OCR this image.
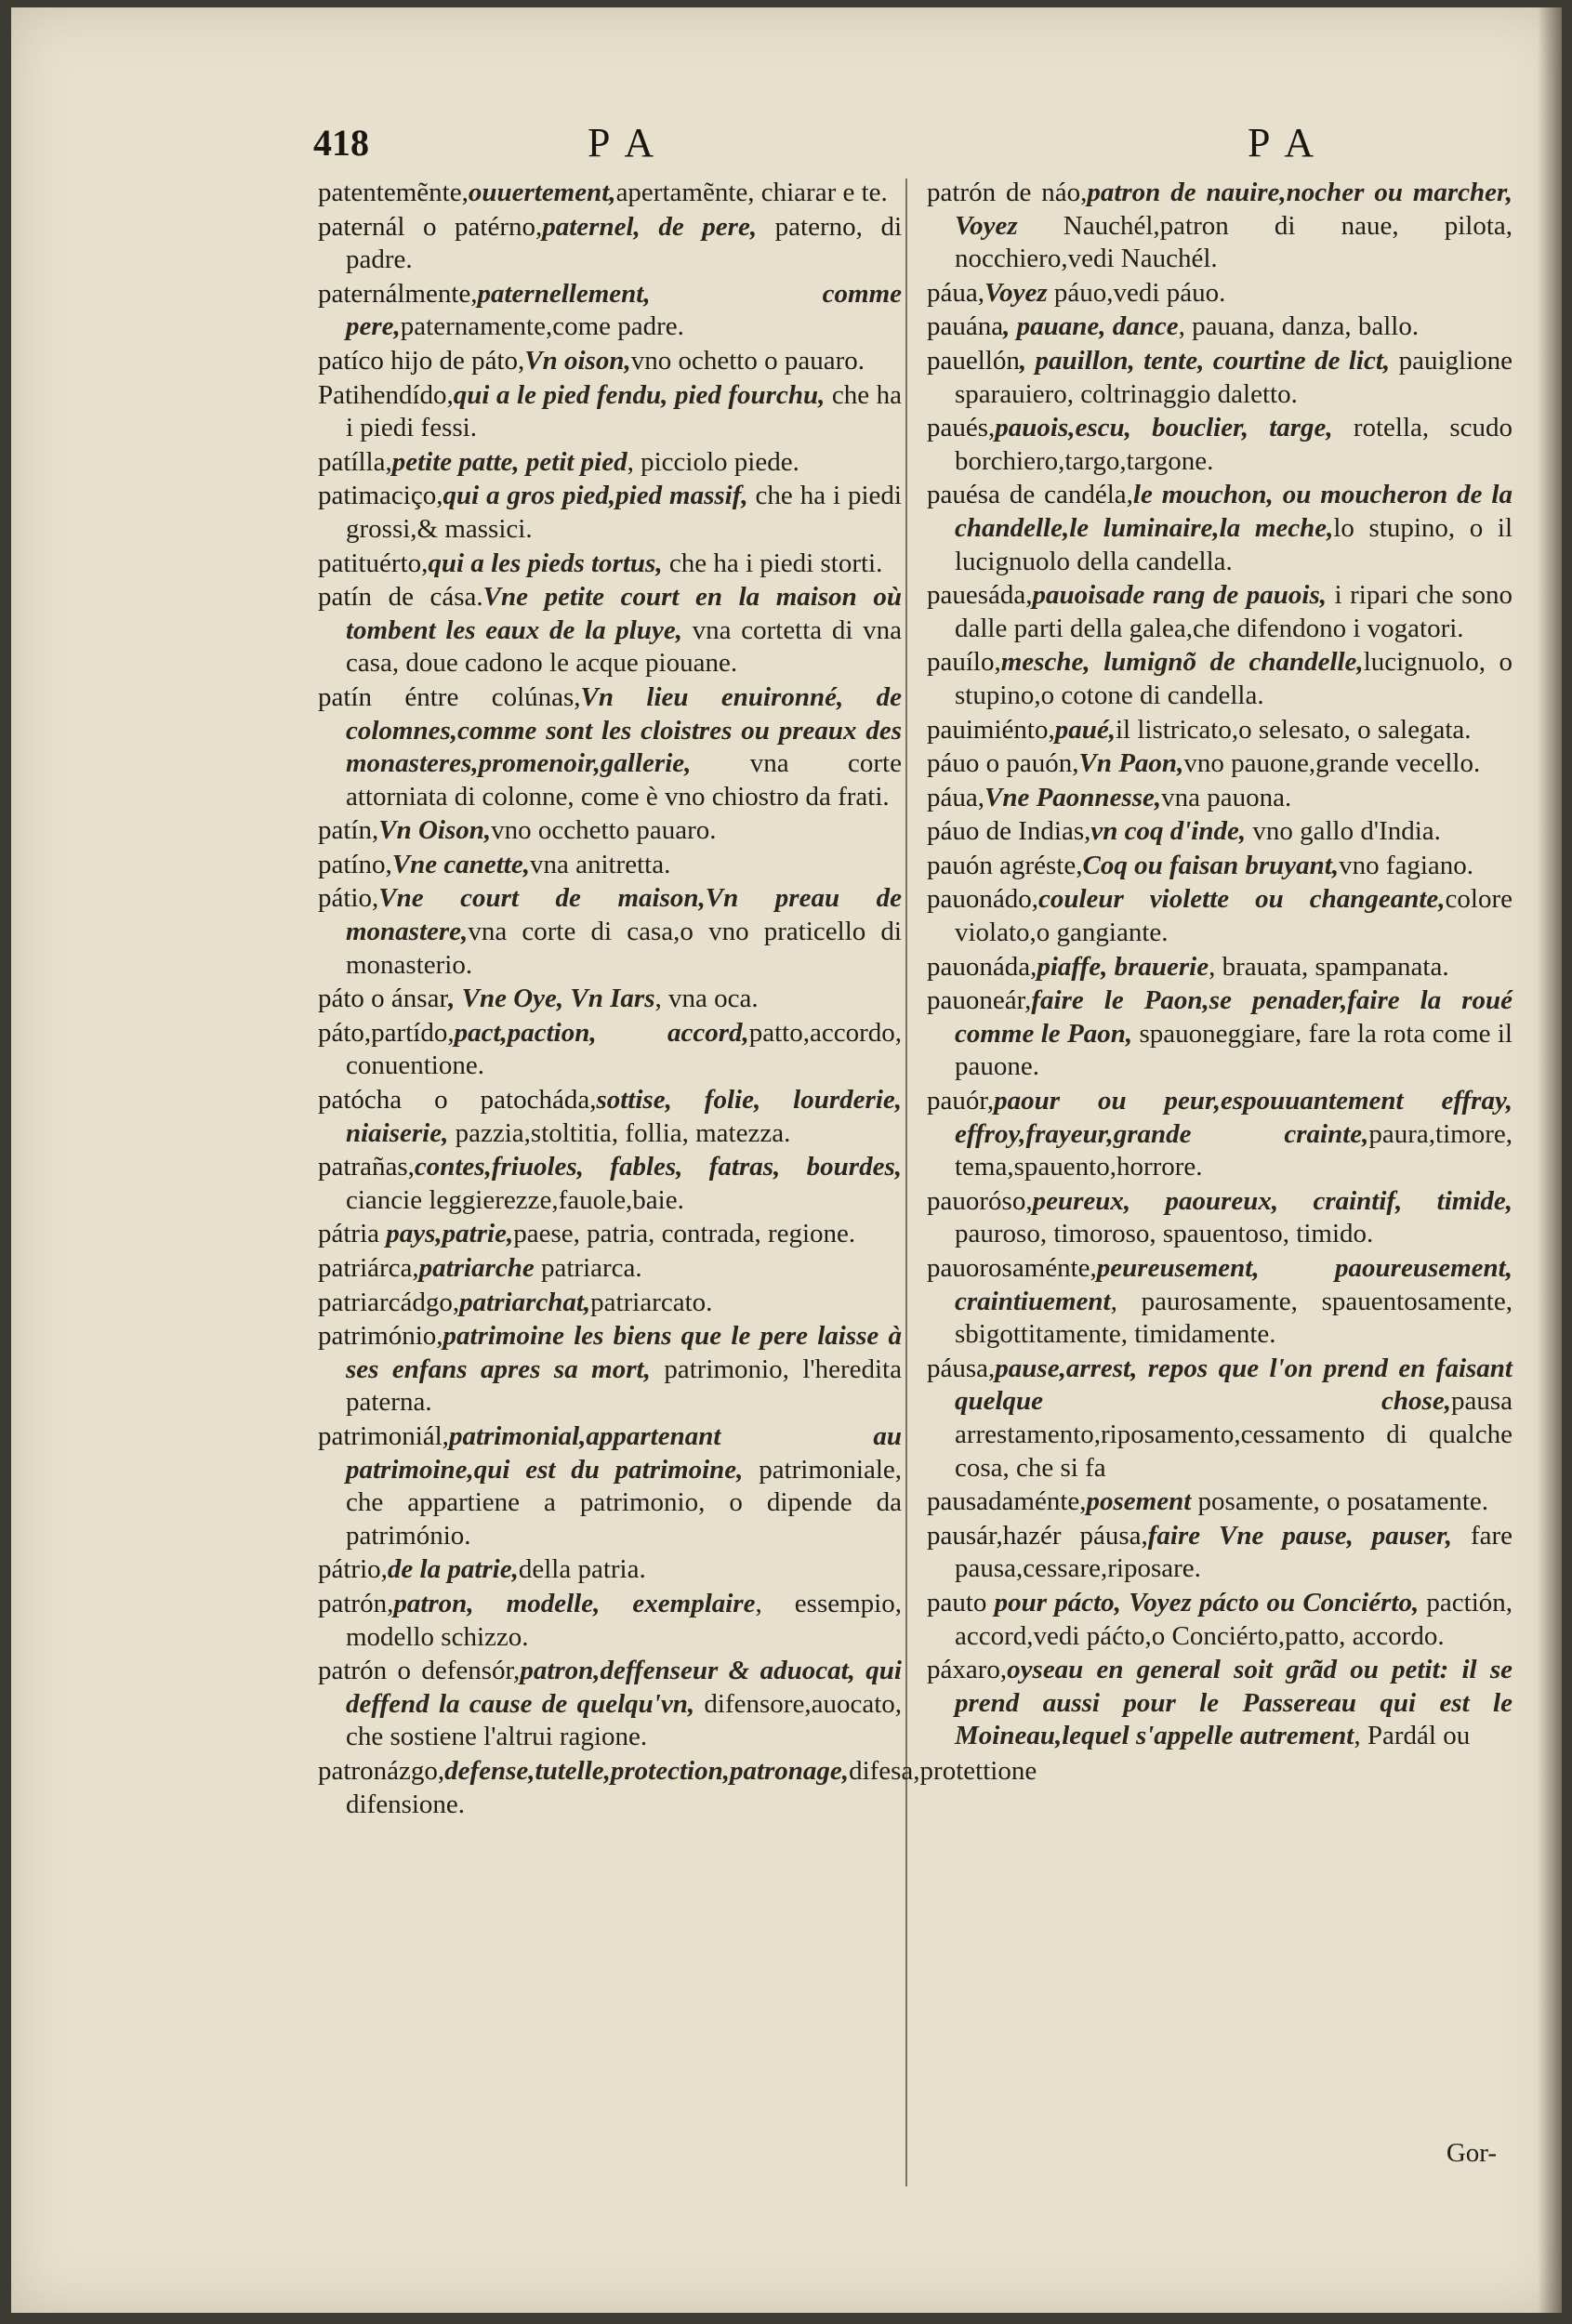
418	P A	P A
patentemẽnte,ouuertement,apertamẽnte, chiarar e te.
paternál o patérno,paternel, de pere, paterno, di padre.
paternálmente,paternellement, comme pere,paternamente,come padre.
patíco hijo de páto,Vn oison,vno ochetto o pauaro.
Patihendído,qui a le pied fendu, pied fourchu, che ha i piedi fessi.
patílla,petite patte, petit pied, picciolo piede.
patimaciço,qui a gros pied,pied massif, che ha i piedi grossi,& massici.
patituérto,qui a les pieds tortus, che ha i piedi storti.
patín de cása.Vne petite court en la maison où tombent les eaux de la pluye, vna cortetta di vna casa, doue cadono le acque piouane.
patín éntre colúnas,Vn lieu enuironné, de colomnes,comme sont les cloistres ou preaux des monasteres,promenoir,gallerie, vna corte attorniata di colonne, come è vno chiostro da frati.
patín,Vn Oison,vno occhetto pauaro.
patíno,Vne canette,vna anitretta.
pátio,Vne court de maison,Vn preau de monastere,vna corte di casa,o vno praticello di monasterio.
páto o ánsar, Vne Oye, Vn Iars, vna oca.
páto,partído,pact,paction, accord,patto,accordo, conuentione.
patócha o patocháda,sottise, folie, lourderie, niaiserie, pazzia,stoltitia, follia, matezza.
patrañas,contes,friuoles, fables, fatras, bourdes, ciancie leggierezze,fauole,baie.
pátria pays,patrie,paese, patria, contrada, regione.
patriárca,patriarche patriarca.
patriarcádgo,patriarchat,patriarcato.
património,patrimoine les biens que le pere laisse à ses enfans apres sa mort, patrimonio, l'heredita paterna.
patrimoniál,patrimonial,appartenant au patrimoine,qui est du patrimoine, patrimoniale, che appartiene a patrimonio, o dipende da património.
pátrio,de la patrie,della patria.
patrón,patron, modelle, exemplaire, essempio, modello schizzo.
patrón o defensór,patron,deffenseur & aduocat, qui deffend la cause de quelqu'vn, difensore,auocato, che sostiene l'altrui ragione.
patronázgo,defense,tutelle,protection,patronage,difesa,protettione difensione.
patrón de náo,patron de nauire,nocher ou marcher, Voyez Nauchél,patron di naue, pilota, nocchiero,vedi Nauchél.
páua,Voyez páuo,vedi páuo.
pauána, pauane, dance, pauana, danza, ballo.
pauellón, pauillon, tente, courtine de lict, pauiglione sparauiero, coltrinaggio daletto.
paués,pauois,escu, bouclier, targe, rotella, scudo borchiero,targo,targone.
pauésa de candéla,le mouchon, ou moucheron de la chandelle,le luminaire,la meche,lo stupino, o il lucignuolo della candella.
pauesáda,pauoisade rang de pauois, i ripari che sono dalle parti della galea,che difendono i vogatori.
pauílo,mesche, lumignõ de chandelle,lucignuolo, o stupino,o cotone di candella.
pauimiénto,paué,il listricato,o selesato, o salegata.
páuo o pauón,Vn Paon,vno pauone,grande vecello.
páua,Vne Paonnesse,vna pauona.
páuo de Indias,vn coq d'inde, vno gallo d'India.
pauón agréste,Coq ou faisan bruyant,vno fagiano.
pauonádo,couleur violette ou changeante,colore violato,o gangiante.
pauonáda,piaffe, brauerie, brauata, spampanata.
pauoneár,faire le Paon,se penader,faire la roué comme le Paon, spauoneggiare, fare la rota come il pauone.
pauór,paour ou peur,espouuantement effray, effroy,frayeur,grande crainte,paura,timore, tema,spauento,horrore.
pauoróso,peureux, paoureux, craintif, timide, pauroso, timoroso, spauentoso, timido.
pauorosaménte,peureusement, paoureusement, craintiuement, paurosamente, spauentosamente, sbigottitamente, timidamente.
páusa,pause,arrest, repos que l'on prend en faisant quelque chose,pausa arrestamento,riposamento,cessamento di qualche cosa, che si fa
pausadaménte,posement posamente, o posatamente.
pausár,hazér páusa,faire Vne pause, pauser, fare pausa,cessare,riposare.
pauto pour pácto, Voyez pácto ou Conciérto, pactión, accord,vedi páćto,o Conciérto,patto, accordo.
páxaro,oyseau en general soit grãd ou petit: il se prend aussi pour le Passereau qui est le Moineau,lequel s'appelle autrement, Pardál ou
Gor-
